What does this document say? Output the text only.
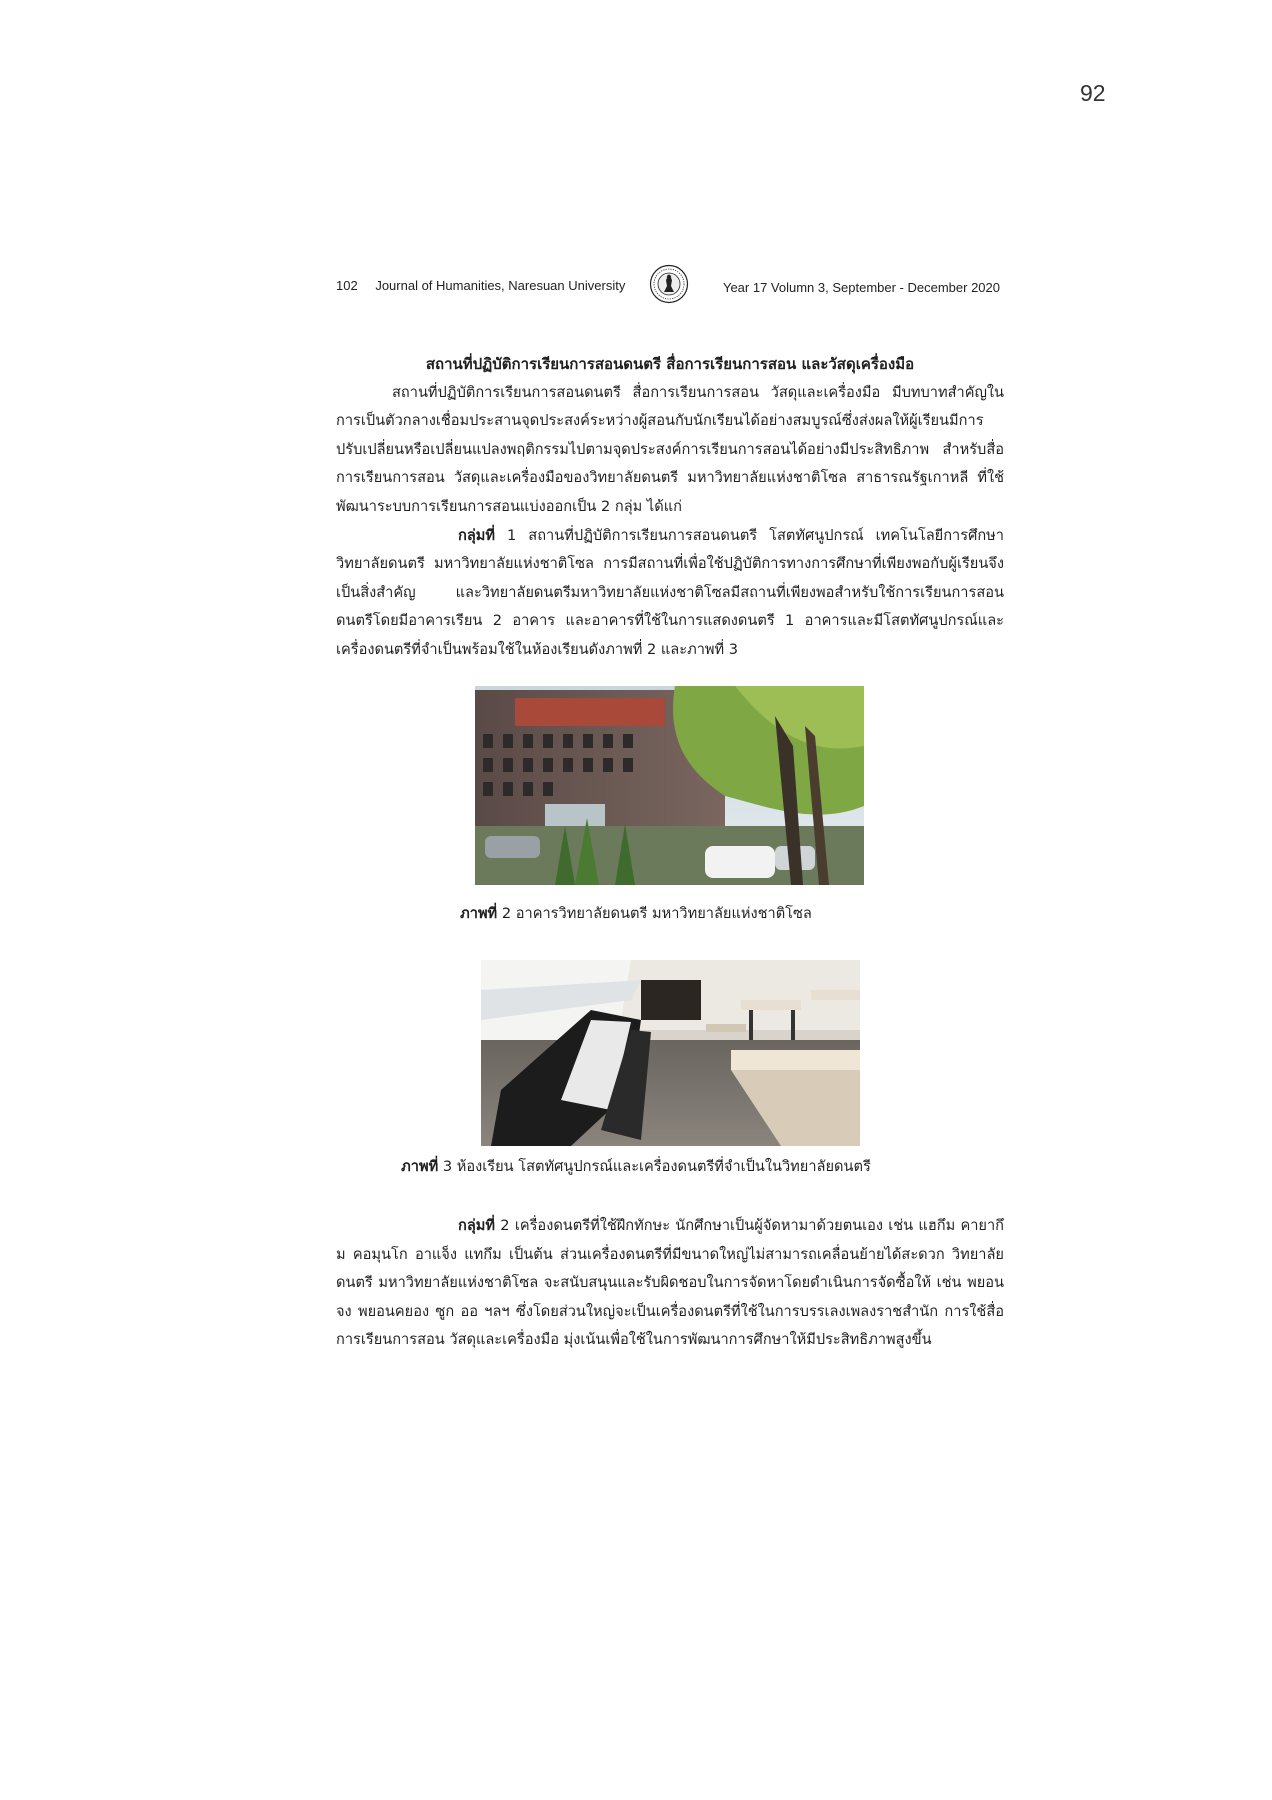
92
102 Journal of Humanities, Naresuan University	Year 17 Volumn 3, September - December 2020

สถานที่ปฏิบัติการเรียนการสอนดนตรี สื่อการเรียนการสอน และวัสดุเครื่องมือ

สถานที่ปฏิบัติการเรียนการสอนดนตรี สื่อการเรียนการสอน วัสดุและเครื่องมือ มีบทบาทสำคัญในการเป็นตัวกลางเชื่อมประสานจุดประสงค์ระหว่างผู้สอนกับนักเรียนได้อย่างสมบูรณ์ซึ่งส่งผลให้ผู้เรียนมีการปรับเปลี่ยนหรือเปลี่ยนแปลงพฤติกรรมไปตามจุดประสงค์การเรียนการสอนได้อย่างมีประสิทธิภาพ สำหรับสื่อการเรียนการสอน วัสดุและเครื่องมือของวิทยาลัยดนตรี มหาวิทยาลัยแห่งชาติโซล สาธารณรัฐเกาหลี ที่ใช้พัฒนาระบบการเรียนการสอนแบ่งออกเป็น 2 กลุ่ม ได้แก่

กลุ่มที่ 1 สถานที่ปฏิบัติการเรียนการสอนดนตรี โสตทัศนูปกรณ์ เทคโนโลยีการศึกษา วิทยาลัยดนตรี มหาวิทยาลัยแห่งชาติโซล การมีสถานที่เพื่อใช้ปฏิบัติการทางการศึกษาที่เพียงพอกับผู้เรียนจึงเป็นสิ่งสำคัญ และวิทยาลัยดนตรีมหาวิทยาลัยแห่งชาติโซลมีสถานที่เพียงพอสำหรับใช้การเรียนการสอนดนตรีโดยมีอาคารเรียน 2 อาคาร และอาคารที่ใช้ในการแสดงดนตรี 1 อาคารและมีโสตทัศนูปกรณ์และเครื่องดนตรีที่จำเป็นพร้อมใช้ในห้องเรียนดังภาพที่ 2 และภาพที่ 3

ภาพที่ 2 อาคารวิทยาลัยดนตรี มหาวิทยาลัยแห่งชาติโซล
ภาพที่ 3 ห้องเรียน โสตทัศนูปกรณ์และเครื่องดนตรีที่จำเป็นในวิทยาลัยดนตรี

กลุ่มที่ 2 เครื่องดนตรีที่ใช้ฝึกทักษะ นักศึกษาเป็นผู้จัดหามาด้วยตนเอง เช่น แฮกึม คายากึม คอมุนโก อาแจ็ง แทกึม เป็นต้น ส่วนเครื่องดนตรีที่มีขนาดใหญ่ไม่สามารถเคลื่อนย้ายได้สะดวก วิทยาลัยดนตรี มหาวิทยาลัยแห่งชาติโซล จะสนับสนุนและรับผิดชอบในการจัดหาโดยดำเนินการจัดซื้อให้ เช่น พยอนจง พยอนคยอง ซูก ออ ฯลฯ ซึ่งโดยส่วนใหญ่จะเป็นเครื่องดนตรีที่ใช้ในการบรรเลงเพลงราชสำนัก การใช้สื่อการเรียนการสอน วัสดุและเครื่องมือ มุ่งเน้นเพื่อใช้ในการพัฒนาการศึกษาให้มีประสิทธิภาพสูงขึ้น
